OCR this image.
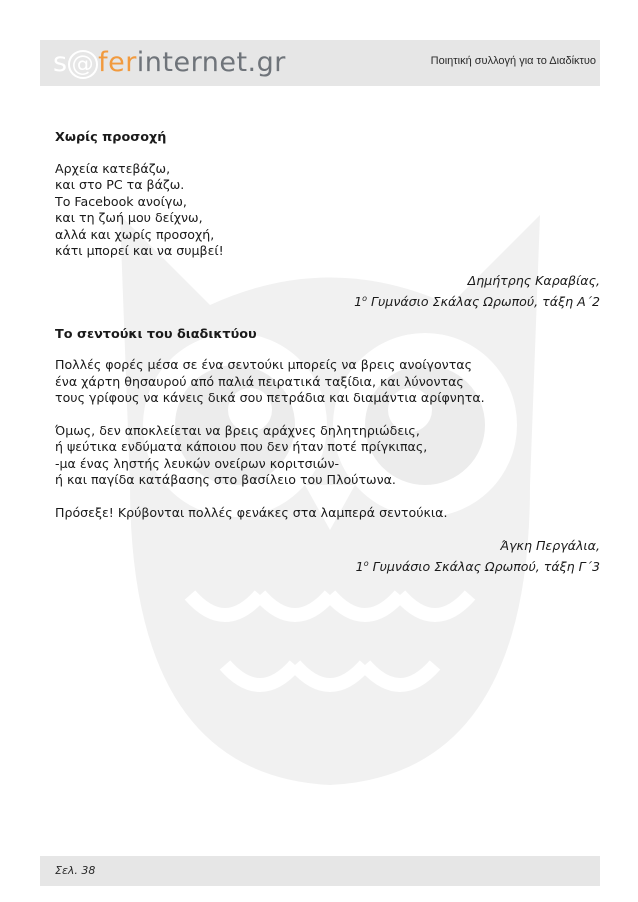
s @ ferinternet.gr	Ποιητική συλλογή για το Διαδίκτυο

Χωρίς προσοχή

Αρχεία κατεβάζω,

και στο PC τα βάζω.

Το Facebook ανοίγω,

και τη ζωή μου δείχνω,

αλλά και χωρίς προσοχή,

κάτι μπορεί και να συμβεί!

Δημήτρης Καραβίας,

$1^o$ Γυμνάσιο Σκάλας Ωρωπού, τάξη Α΄2

Το σεντούκι του διαδικτύου

Πολλές φορές μέσα σε ένα σεντούκι μπορείς να βρεις ανοίγοντας
ένα χάρτη θησαυρού από παλιά πειρατικά ταξίδια, και λύνοντας
τους γρίφους να κάνεις δικά σου πετράδια και διαμάντια αρίφνητα.
Όμως, δεν αποκλείεται να βρεις αράχνες δηλητηριώδεις,
ή ψεύτικα ενδύματα κάποιου που δεν ήταν ποτέ πρίγκιπας,
-μα ένας ληστής λευκών ονείρων κοριτσιών-
ή και παγίδα κατάβασης στο βασίλειο του Πλούτωνα.
Πρόσεξε! Κρύβονται πολλές φενάκες στα λαμπερά σεντούκια.

Άγκη Περγάλια,

$1^o$ Γυμνάσιο Σκάλας Ωρωπού, τάξη Γ΄3

Σελ. 38
